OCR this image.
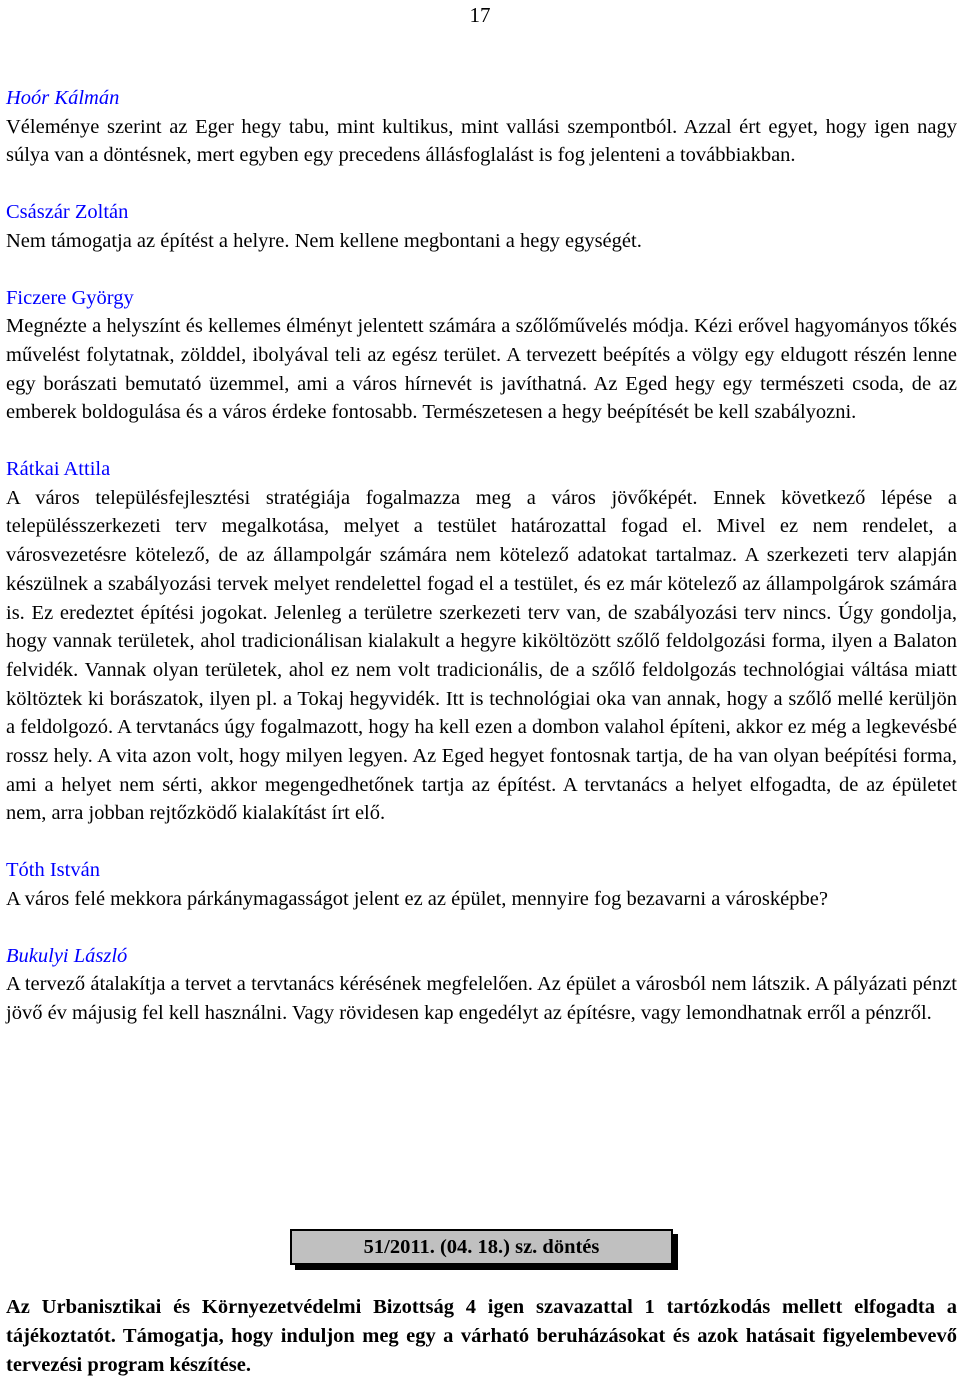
17

Hoór Kálmán

Véleménye szerint az Eger hegy tabu, mint kultikus, mint vallási szempontból. Azzal ért egyet, hogy igen nagy súlya van a döntésnek, mert egyben egy precedens állásfoglalást is fog jelenteni a továbbiakban.

Császár Zoltán

Nem támogatja az építést a helyre. Nem kellene megbontani a hegy egységét.

Ficzere György

Megnézte a helyszínt és kellemes élményt jelentett számára a szőlőművelés módja. Kézi erővel hagyományos tőkés művelést folytatnak, zölddel, ibolyával teli az egész terület. A tervezett beépítés a völgy egy eldugott részén lenne egy borászati bemutató üzemmel, ami a város hírnevét is javíthatná. Az Eged hegy egy természeti csoda, de az emberek boldogulása és a város érdeke fontosabb. Természetesen a hegy beépítését be kell szabályozni.

Rátkai Attila

A város településfejlesztési stratégiája fogalmazza meg a város jövőképét. Ennek következő lépése a településszerkezeti terv megalkotása, melyet a testület határozattal fogad el. Mivel ez nem rendelet, a városvezetésre kötelező, de az állampolgár számára nem kötelező adatokat tartalmaz. A szerkezeti terv alapján készülnek a szabályozási tervek melyet rendelettel fogad el a testület, és ez már kötelező az állampolgárok számára is. Ez eredeztet építési jogokat. Jelenleg a területre szerkezeti terv van, de szabályozási terv nincs. Úgy gondolja, hogy vannak területek, ahol tradicionálisan kialakult a hegyre kiköltözött szőlő feldolgozási forma, ilyen a Balaton felvidék. Vannak olyan területek, ahol ez nem volt tradicionális, de a szőlő feldolgozás technológiai váltása miatt költöztek ki borászatok, ilyen pl. a Tokaj hegyvidék. Itt is technológiai oka van annak, hogy a szőlő mellé kerüljön a feldolgozó. A tervtanács úgy fogalmazott, hogy ha kell ezen a dombon valahol építeni, akkor ez még a legkevésbé rossz hely. A vita azon volt, hogy milyen legyen. Az Eged hegyet fontosnak tartja, de ha van olyan beépítési forma, ami a helyet nem sérti, akkor megengedhetőnek tartja az építést. A tervtanács a helyet elfogadta, de az épületet nem, arra jobban rejtőzködő kialakítást írt elő.

Tóth István

A város felé mekkora párkánymagasságot jelent ez az épület, mennyire fog bezavarni a városképbe?

Bukulyi László

A tervező átalakítja a tervet a tervtanács kérésének megfelelően. Az épület a városból nem látszik. A pályázati pénzt jövő év májusig fel kell használni. Vagy rövidesen kap engedélyt az építésre, vagy lemondhatnak erről a pénzről.

51/2011. (04. 18.) sz. döntés

Az Urbanisztikai és Környezetvédelmi Bizottság 4 igen szavazattal 1 tartózkodás mellett elfogadta a tájékoztatót. Támogatja, hogy induljon meg egy a várható beruházásokat és azok hatásait figyelembevevő tervezési program készítése.
